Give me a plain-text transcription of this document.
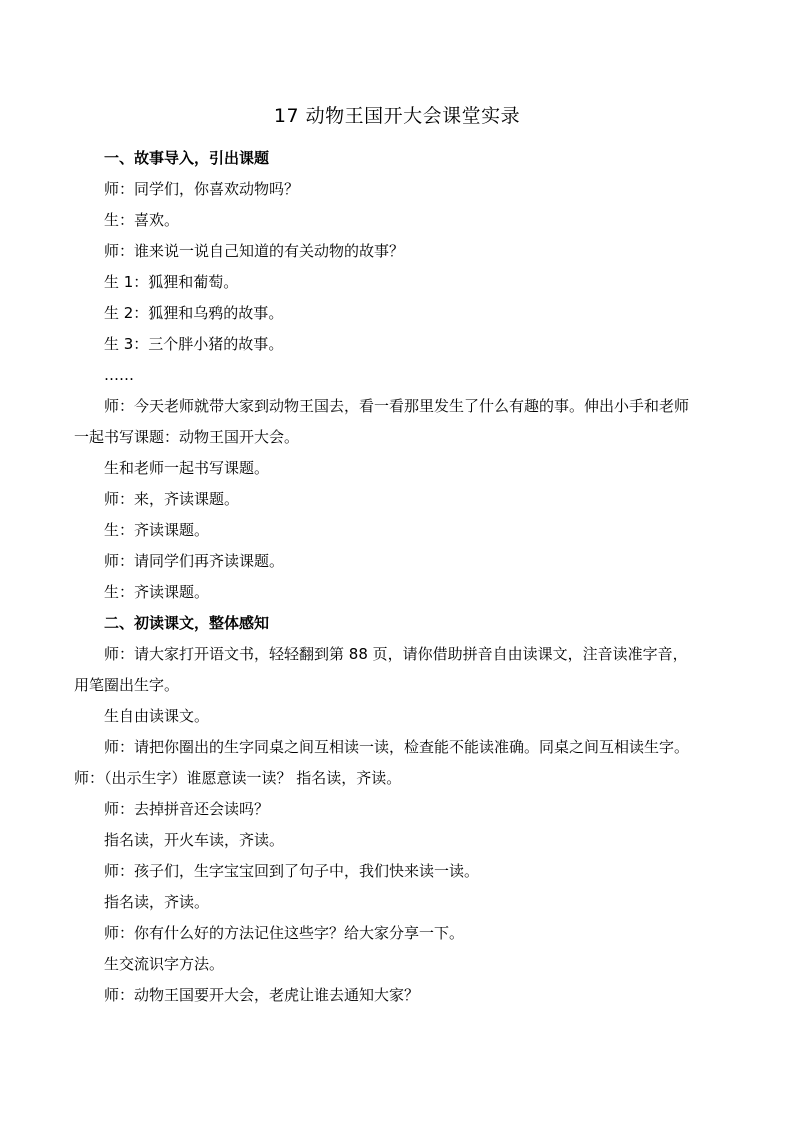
17 动物王国开大会课堂实录

一、故事导入，引出课题

师：同学们，你喜欢动物吗？

生：喜欢。

师：谁来说一说自己知道的有关动物的故事？

生 1：狐狸和葡萄。

生 2：狐狸和乌鸦的故事。

生 3：三个胖小猪的故事。

……

师：今天老师就带大家到动物王国去，看一看那里发生了什么有趣的事。伸出小手和老师一起书写课题：动物王国开大会。

生和老师一起书写课题。

师：来，齐读课题。

生：齐读课题。

师：请同学们再齐读课题。

生：齐读课题。

二、初读课文，整体感知

师：请大家打开语文书，轻轻翻到第 88 页，请你借助拼音自由读课文，注音读准字音，用笔圈出生字。

生自由读课文。

师：请把你圈出的生字同桌之间互相读一读，检查能不能读准确。同桌之间互相读生字。

师：（出示生字）谁愿意读一读？ 指名读，齐读。

师：去掉拼音还会读吗？

指名读，开火车读，齐读。

师：孩子们，生字宝宝回到了句子中，我们快来读一读。

指名读，齐读。

师：你有什么好的方法记住这些字？给大家分享一下。

生交流识字方法。

师：动物王国要开大会，老虎让谁去通知大家？
